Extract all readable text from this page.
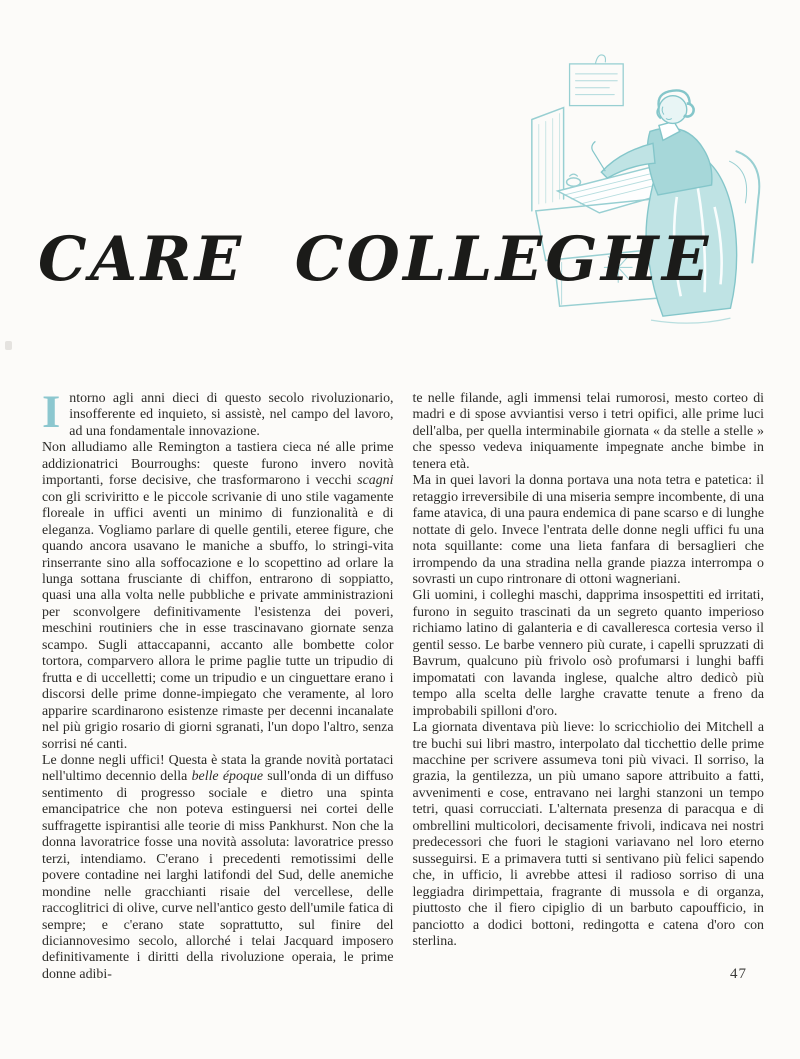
CARE COLLEGHE

Intorno agli anni dieci di questo secolo rivoluzionario, insofferente ed inquieto, si assistè, nel campo del lavoro, ad una fondamentale innovazione.

Non alludiamo alle Remington a tastiera cieca né alle prime addizionatrici Bourroughs: queste furono invero novità importanti, forse decisive, che trasformarono i vecchi scagni con gli scriviritto e le piccole scrivanie di uno stile vagamente floreale in uffici aventi un minimo di funzionalità e di eleganza. Vogliamo parlare di quelle gentili, eteree figure, che quando ancora usavano le maniche a sbuffo, lo stringi-vita rinserrante sino alla soffocazione e lo scopettino ad orlare la lunga sottana frusciante di chiffon, entrarono di soppiatto, quasi una alla volta nelle pubbliche e private amministrazioni per sconvolgere definitivamente l'esistenza dei poveri, meschini routiniers che in esse trascinavano giornate senza scampo. Sugli attaccapanni, accanto alle bombette color tortora, comparvero allora le prime paglie tutte un tripudio di frutta e di uccelletti; come un tripudio e un cinguettare erano i discorsi delle prime donne-impiegato che veramente, al loro apparire scardinarono esistenze rimaste per decenni incanalate nel più grigio rosario di giorni sgranati, l'un dopo l'altro, senza sorrisi né canti.

Le donne negli uffici! Questa è stata la grande novità portataci nell'ultimo decennio della belle époque sull'onda di un diffuso sentimento di progresso sociale e dietro una spinta emancipatrice che non poteva estinguersi nei cortei delle suffragette ispirantisi alle teorie di miss Pankhurst. Non che la donna lavoratrice fosse una novità assoluta: lavoratrice presso terzi, intendiamo. C'erano i precedenti remotissimi delle povere contadine nei larghi latifondi del Sud, delle anemiche mondine nelle gracchianti risaie del vercellese, delle raccoglitrici di olive, curve nell'antico gesto dell'umile fatica di sempre; e c'erano state soprattutto, sul finire del diciannovesimo secolo, allorché i telai Jacquard imposero definitivamente i diritti della rivoluzione operaia, le prime donne adibi-

te nelle filande, agli immensi telai rumorosi, mesto corteo di madri e di spose avviantisi verso i tetri opifici, alle prime luci dell'alba, per quella interminabile giornata « da stelle a stelle » che spesso vedeva iniquamente impegnate anche bimbe in tenera età.

Ma in quei lavori la donna portava una nota tetra e patetica: il retaggio irreversibile di una miseria sempre incombente, di una fame atavica, di una paura endemica di pane scarso e di lunghe nottate di gelo. Invece l'entrata delle donne negli uffici fu una nota squillante: come una lieta fanfara di bersaglieri che irrompendo da una stradina nella grande piazza interrompa o sovrasti un cupo rintronare di ottoni wagneriani.

Gli uomini, i colleghi maschi, dapprima insospettiti ed irritati, furono in seguito trascinati da un segreto quanto imperioso richiamo latino di galanteria e di cavalleresca cortesia verso il gentil sesso. Le barbe vennero più curate, i capelli spruzzati di Bavrum, qualcuno più frivolo osò profumarsi i lunghi baffi impomatati con lavanda inglese, qualche altro dedicò più tempo alla scelta delle larghe cravatte tenute a freno da improbabili spilloni d'oro.

La giornata diventava più lieve: lo scricchiolio dei Mitchell a tre buchi sui libri mastro, interpolato dal ticchettio delle prime macchine per scrivere assumeva toni più vivaci. Il sorriso, la grazia, la gentilezza, un più umano sapore attribuito a fatti, avvenimenti e cose, entravano nei larghi stanzoni un tempo tetri, quasi corrucciati. L'alternata presenza di paracqua e di ombrellini multicolori, decisamente frivoli, indicava nei nostri predecessori che fuori le stagioni variavano nel loro eterno susseguirsi. E a primavera tutti si sentivano più felici sapendo che, in ufficio, li avrebbe attesi il radioso sorriso di una leggiadra dirimpettaia, fragrante di mussola e di organza, piuttosto che il fiero cipiglio di un barbuto capoufficio, in panciotto a dodici bottoni, redingotta e catena d'oro con sterlina.

47
